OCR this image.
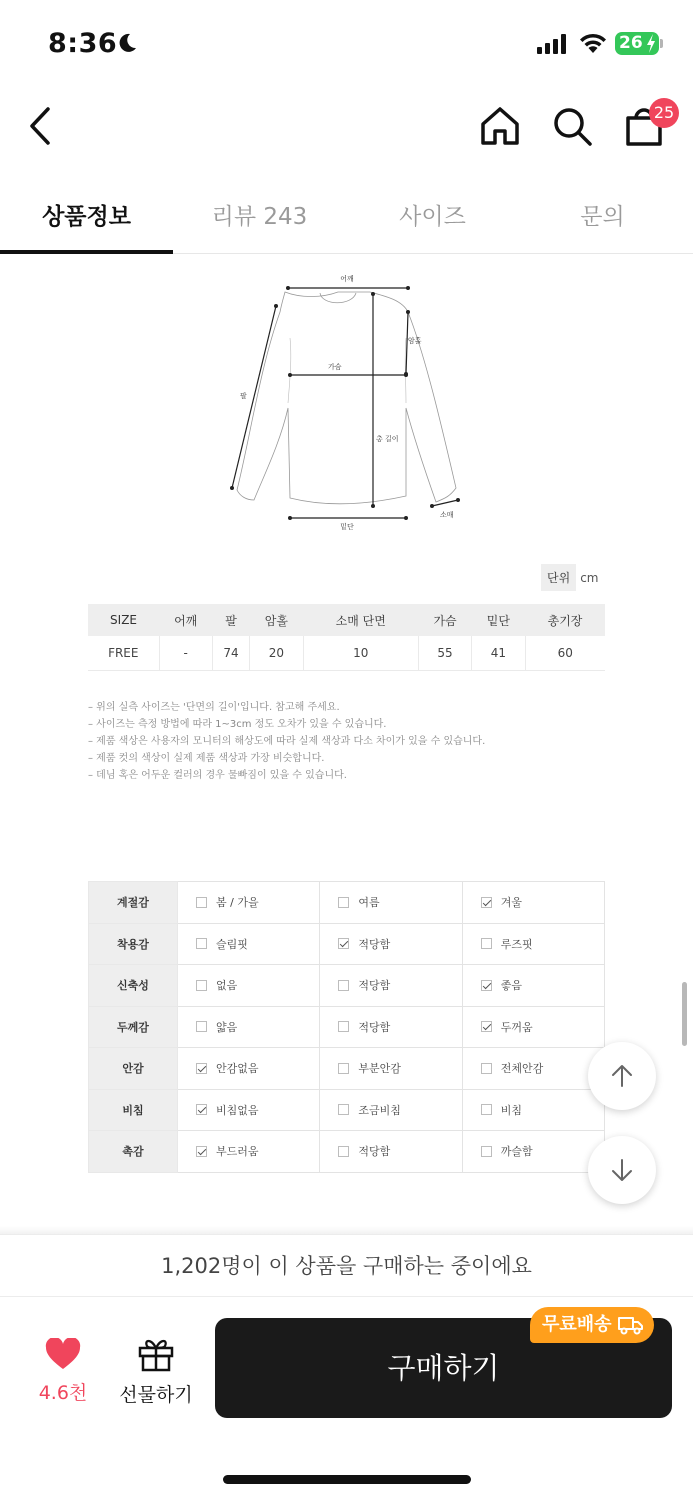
8:36	26
25
상품정보	리뷰 243	사이즈	문의
어깨
팔
암홀
가슴
총 길이
소매
밑단
단위 cm
SIZE	어깨	팔	암홀	소매 단면	가슴	밑단	총기장
FREE	-	74	20	10	55	41	60
– 위의 실측 사이즈는 '단면의 길이'입니다. 참고해 주세요.
– 사이즈는 측정 방법에 따라 1~3cm 정도 오차가 있을 수 있습니다.
– 제품 색상은 사용자의 모니터의 해상도에 따라 실제 색상과 다소 차이가 있을 수 있습니다.
– 제품 컷의 색상이 실제 제품 색상과 가장 비슷합니다.
– 데님 혹은 어두운 컬러의 경우 물빠짐이 있을 수 있습니다.
계절감	봄 / 가을	여름	겨울
착용감	슬림핏	적당함	루즈핏
신축성	없음	적당함	좋음
두께감	얇음	적당함	두꺼움
안감	안감없음	부분안감	전체안감
비침	비침없음	조금비침	비침
촉감	부드러움	적당함	까슬함
1,202명이 이 상품을 구매하는 중이에요
4.6천	선물하기
구매하기
무료배송
